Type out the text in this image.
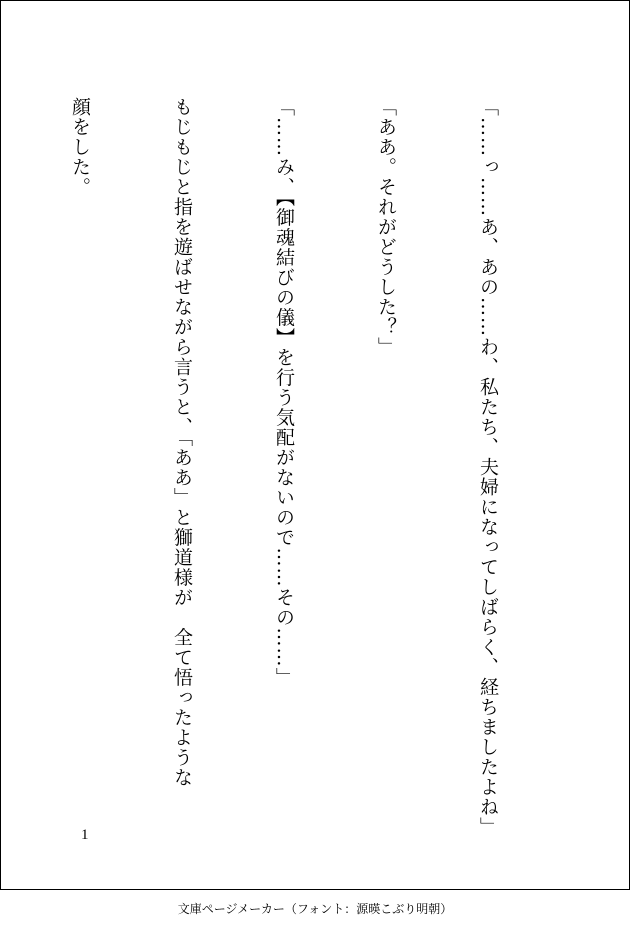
「……っ……あ、あの……わ、私たち、夫婦になってしばらく、経ちましたよね」

「ああ。それがどうした？」

「……み、【御魂結びの儀】を行う気配がないので……その……」

もじもじと指を遊ばせながら言うと、「ああ」と獅道様が　全て悟ったような

顔をした。

1
文庫ページメーカー（フォント：源暎こぶり明朝）
